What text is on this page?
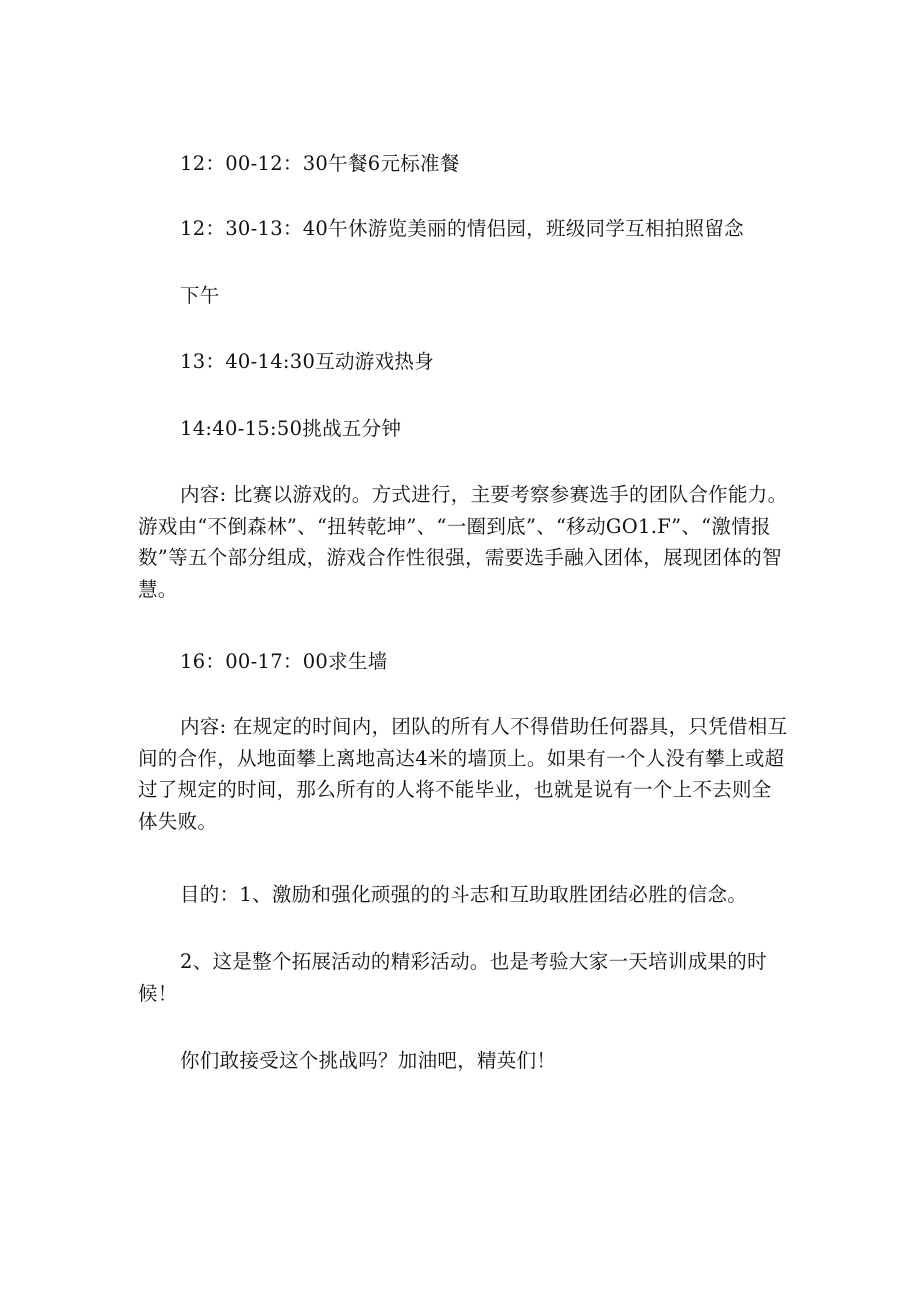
12：00-12：30午餐6元标准餐

12：30-13：40午休游览美丽的情侣园，班级同学互相拍照留念

下午

13：40-14:30互动游戏热身

14:40-15:50挑战五分钟

内容: 比赛以游戏的。方式进行，主要考察参赛选手的团队合作能力。游戏由“不倒森林”、“扭转乾坤”、“一圈到底”、“移动GO1.F”、“激情报数”等五个部分组成，游戏合作性很强，需要选手融入团体，展现团体的智慧。

16：00-17：00求生墙

内容: 在规定的时间内，团队的所有人不得借助任何器具，只凭借相互间的合作，从地面攀上离地高达4米的墙顶上。如果有一个人没有攀上或超过了规定的时间，那么所有的人将不能毕业，也就是说有一个上不去则全体失败。

目的：1、激励和强化顽强的的斗志和互助取胜团结必胜的信念。

2、这是整个拓展活动的精彩活动。也是考验大家一天培训成果的时候！

你们敢接受这个挑战吗？加油吧，精英们！
